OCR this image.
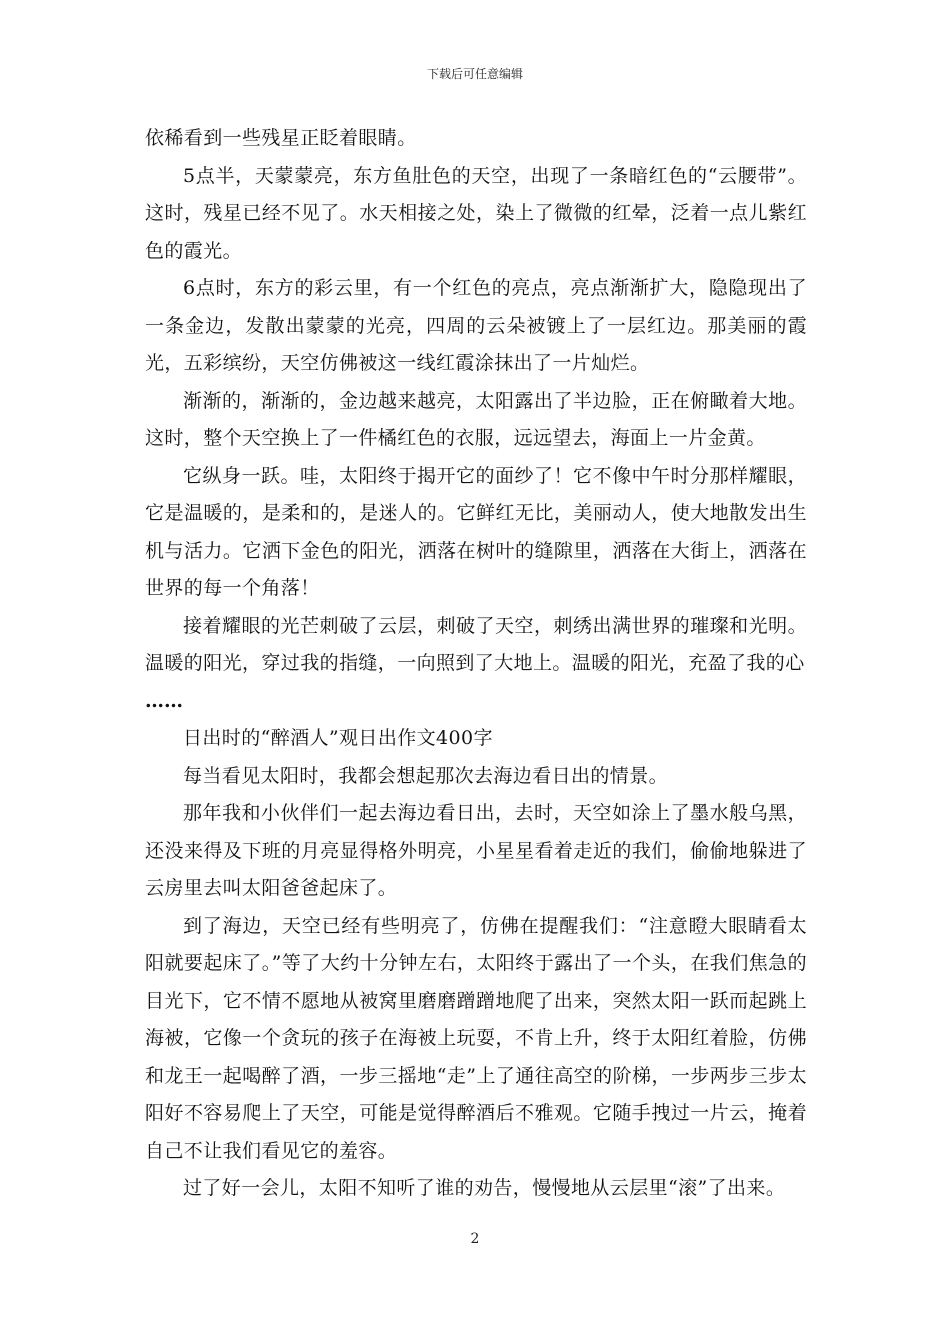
下载后可任意编辑

依稀看到一些残星正眨着眼睛。

5点半，天蒙蒙亮，东方鱼肚色的天空，出现了一条暗红色的“云腰带”。这时，残星已经不见了。水天相接之处，染上了微微的红晕，泛着一点儿紫红色的霞光。

6点时，东方的彩云里，有一个红色的亮点，亮点渐渐扩大，隐隐现出了一条金边，发散出蒙蒙的光亮，四周的云朵被镀上了一层红边。那美丽的霞光，五彩缤纷，天空仿佛被这一线红霞涂抹出了一片灿烂。

渐渐的，渐渐的，金边越来越亮，太阳露出了半边脸，正在俯瞰着大地。这时，整个天空换上了一件橘红色的衣服，远远望去，海面上一片金黄。

它纵身一跃。哇，太阳终于揭开它的面纱了！它不像中午时分那样耀眼，它是温暖的，是柔和的，是迷人的。它鲜红无比，美丽动人，使大地散发出生机与活力。它洒下金色的阳光，洒落在树叶的缝隙里，洒落在大街上，洒落在世界的每一个角落！

接着耀眼的光芒刺破了云层，刺破了天空，刺绣出满世界的璀璨和光明。温暖的阳光，穿过我的指缝，一向照到了大地上。温暖的阳光，充盈了我的心

……

日出时的“醉酒人”观日出作文400字

每当看见太阳时，我都会想起那次去海边看日出的情景。

那年我和小伙伴们一起去海边看日出，去时，天空如涂上了墨水般乌黑，还没来得及下班的月亮显得格外明亮，小星星看着走近的我们，偷偷地躲进了云房里去叫太阳爸爸起床了。

到了海边，天空已经有些明亮了，仿佛在提醒我们：“注意瞪大眼睛看太阳就要起床了。”等了大约十分钟左右，太阳终于露出了一个头，在我们焦急的目光下，它不情不愿地从被窝里磨磨蹭蹭地爬了出来，突然太阳一跃而起跳上海被，它像一个贪玩的孩子在海被上玩耍，不肯上升，终于太阳红着脸，仿佛和龙王一起喝醉了酒，一步三摇地“走”上了通往高空的阶梯，一步两步三步太阳好不容易爬上了天空，可能是觉得醉酒后不雅观。它随手拽过一片云，掩着自己不让我们看见它的羞容。

过了好一会儿，太阳不知听了谁的劝告，慢慢地从云层里“滚”了出来。

2
